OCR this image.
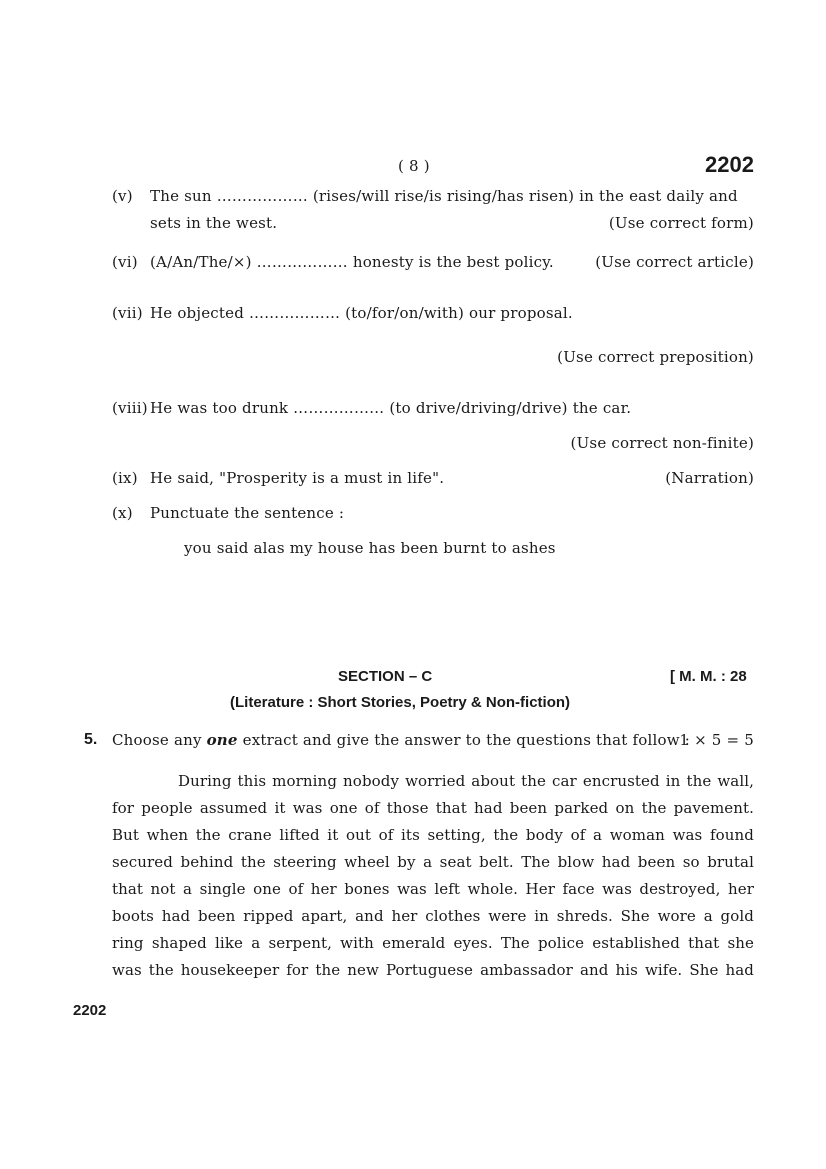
( 8 )	2202
(v) The sun ……………… (rises/will rise/is rising/has risen) in the east daily and
sets in the west.	(Use correct form)
(vi) (A/An/The/×) ……………… honesty is the best policy.	(Use correct article)
(vii) He objected ……………… (to/for/on/with) our proposal.
(Use correct preposition)
(viii) He was too drunk ……………… (to drive/driving/drive) the car.
(Use correct non-finite)
(ix) He said, "Prosperity is a must in life".	(Narration)
(x) Punctuate the sentence :
you said alas my house has been burnt to ashes
SECTION – C	[ M. M. : 28
(Literature : Short Stories, Poetry & Non-fiction)
5. Choose any one extract and give the answer to the questions that follow :
1 × 5 = 5
During this morning nobody worried about the car encrusted in the wall,
for people assumed it was one of those that had been parked on the pavement.
But when the crane lifted it out of its setting, the body of a woman was found
secured behind the steering wheel by a seat belt. The blow had been so brutal
that not a single one of her bones was left whole. Her face was destroyed, her
boots had been ripped apart, and her clothes were in shreds. She wore a gold
ring shaped like a serpent, with emerald eyes. The police established that she
was the housekeeper for the new Portuguese ambassador and his wife. She had
2202
